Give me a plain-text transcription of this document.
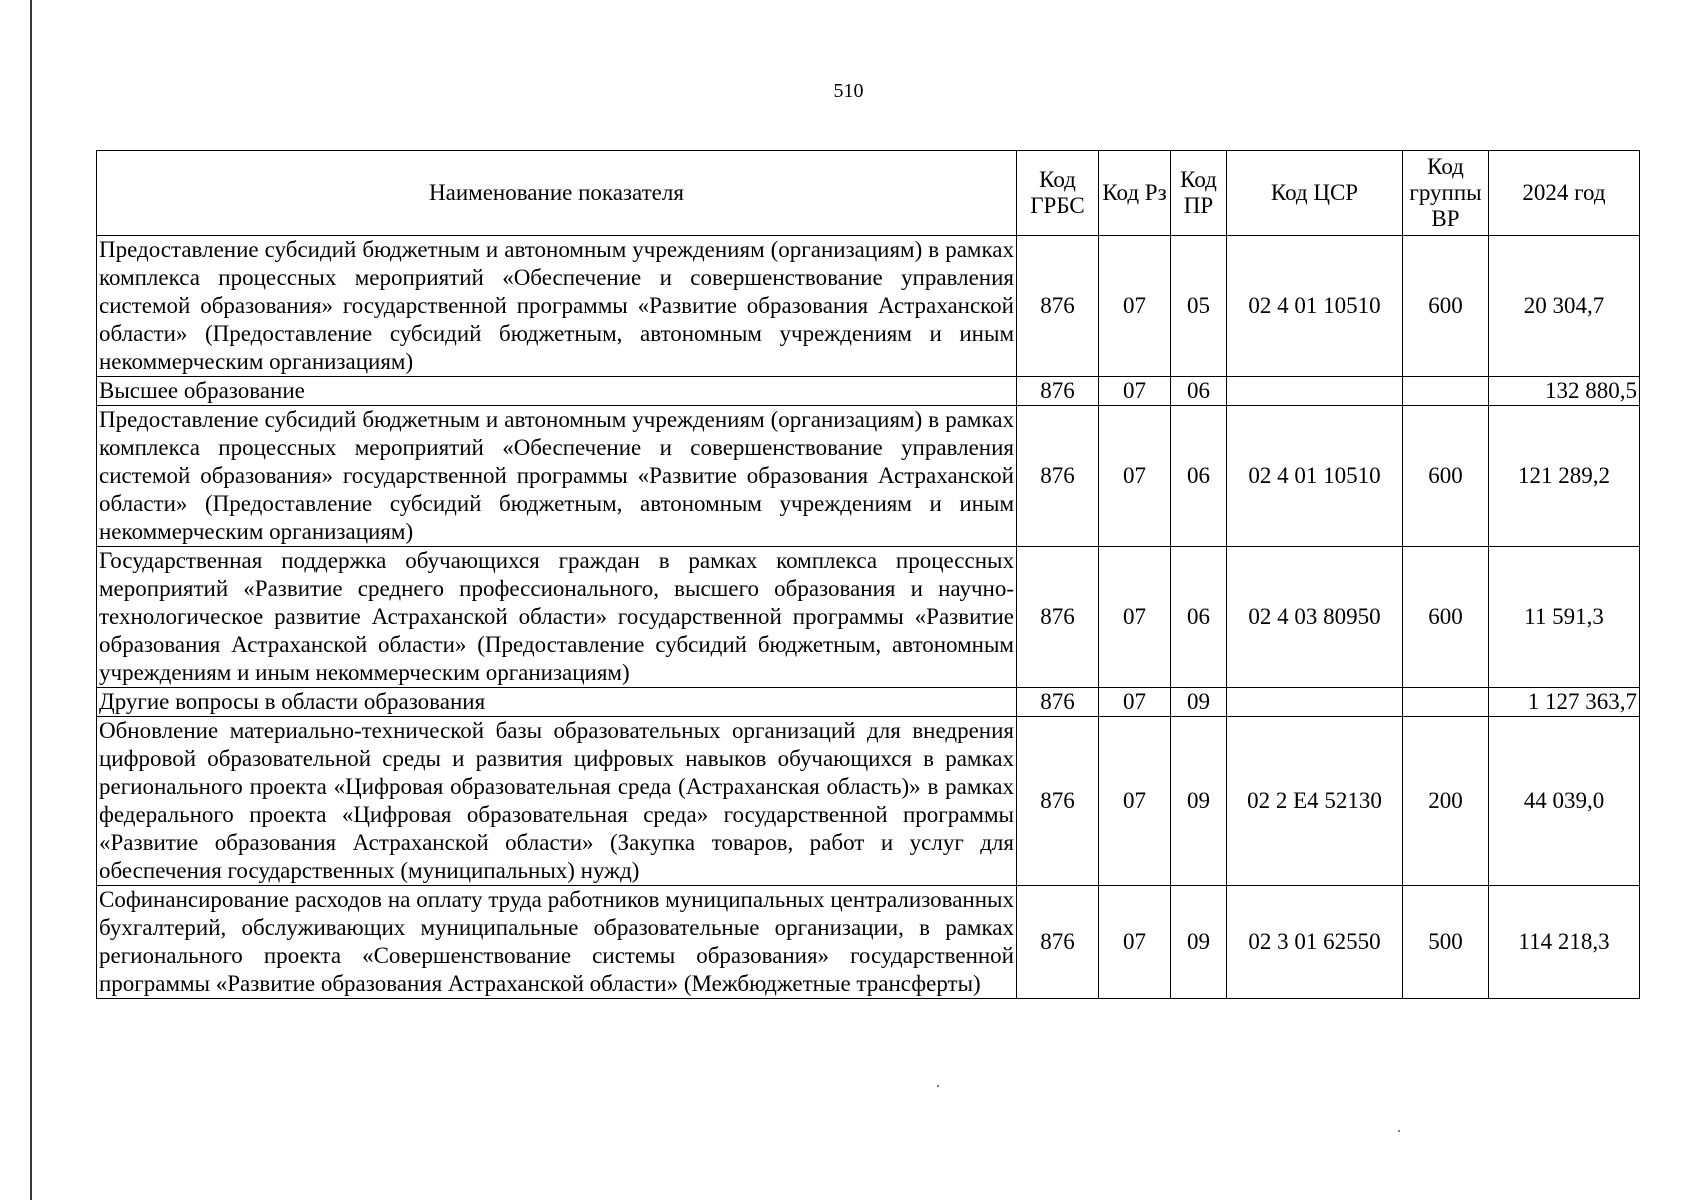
510
Наименование показателя	Код ГРБС	Код Рз	Код ПР	Код ЦСР	Код группы ВР	2024 год
Предоставление субсидий бюджетным и автономным учреждениям (организациям) в рамках комплекса процессных мероприятий «Обеспечение и совершенствование управления системой образования» государственной программы «Развитие образования Астраханской области» (Предоставление субсидий бюджетным, автономным учреждениям и иным некоммерческим организациям)	876	07	05	02 4 01 10510	600	20 304,7
Высшее образование	876	07	06			132 880,5
Предоставление субсидий бюджетным и автономным учреждениям (организациям) в рамках комплекса процессных мероприятий «Обеспечение и совершенствование управления системой образования» государственной программы «Развитие образования Астраханской области» (Предоставление субсидий бюджетным, автономным учреждениям и иным некоммерческим организациям)	876	07	06	02 4 01 10510	600	121 289,2
Государственная поддержка обучающихся граждан в рамках комплекса процессных мероприятий «Развитие среднего профессионального, высшего образования и научно-технологическое развитие Астраханской области» государственной программы «Развитие образования Астраханской области» (Предоставление субсидий бюджетным, автономным учреждениям и иным некоммерческим организациям)	876	07	06	02 4 03 80950	600	11 591,3
Другие вопросы в области образования	876	07	09			1 127 363,7
Обновление материально-технической базы образовательных организаций для внедрения цифровой образовательной среды и развития цифровых навыков обучающихся в рамках регионального проекта «Цифровая образовательная среда (Астраханская область)» в рамках федерального проекта «Цифровая образовательная среда» государственной программы «Развитие образования Астраханской области» (Закупка товаров, работ и услуг для обеспечения государственных (муниципальных) нужд)	876	07	09	02 2 Е4 52130	200	44 039,0
Софинансирование расходов на оплату труда работников муниципальных централизованных бухгалтерий, обслуживающих муниципальные образовательные организации, в рамках регионального проекта «Совершенствование системы образования» государственной программы «Развитие образования Астраханской области» (Межбюджетные трансферты)	876	07	09	02 3 01 62550	500	114 218,3
